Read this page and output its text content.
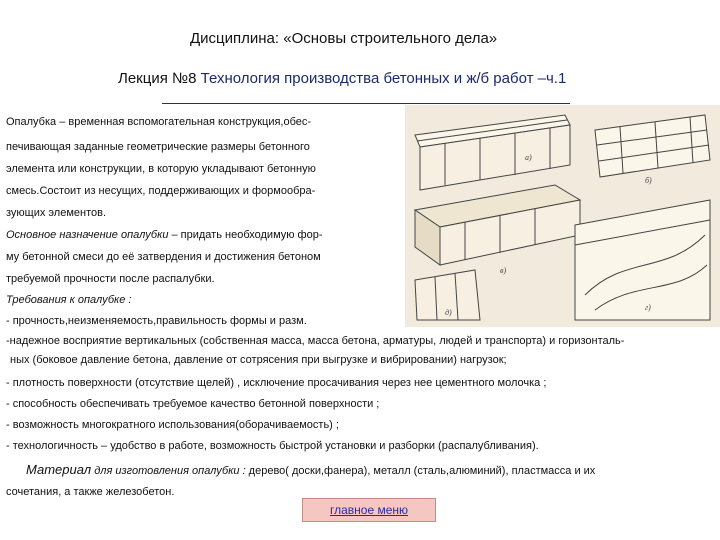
Дисциплина: «Основы строительного дела»
Лекция №8 Технология производства бетонных и ж/б работ –ч.1
Опалубка – временная вспомогательная конструкция,обес-
печивающая заданные геометрические размеры бетонного
элемента или конструкции, в которую укладывают бетонную
смесь.Состоит из несущих, поддерживающих и формообра-
зующих элементов.
Основное назначение опалубки – придать необходимую фор-
му бетонной смеси до её затвердения и достижения бетоном
требуемой прочности после распалубки.
Требования к опалубке :
- прочность,неизменяемость,правильность формы и разм.
-надежное восприятие вертикальных (собственная масса, масса бетона, арматуры, людей и транспорта) и горизонталь-
ных (боковое давление бетона, давление от сотрясения при выгрузке и вибрировании) нагрузок;
- плотность поверхности (отсутствие щелей) , исключение просачивания через нее цементного молочка ;
- способность обеспечивать требуемое качество бетонной поверхности ;
- возможность многократного использования(оборачиваемость) ;
- технологичность – удобство в работе, возможность быстрой установки и разборки (распалубливания).
Материал для изготовления опалубки : дерево( доски,фанера), металл (сталь,алюминий), пластмасса и их
сочетания, а также железобетон.
а)
б)
в)
г)
д)
главное меню
